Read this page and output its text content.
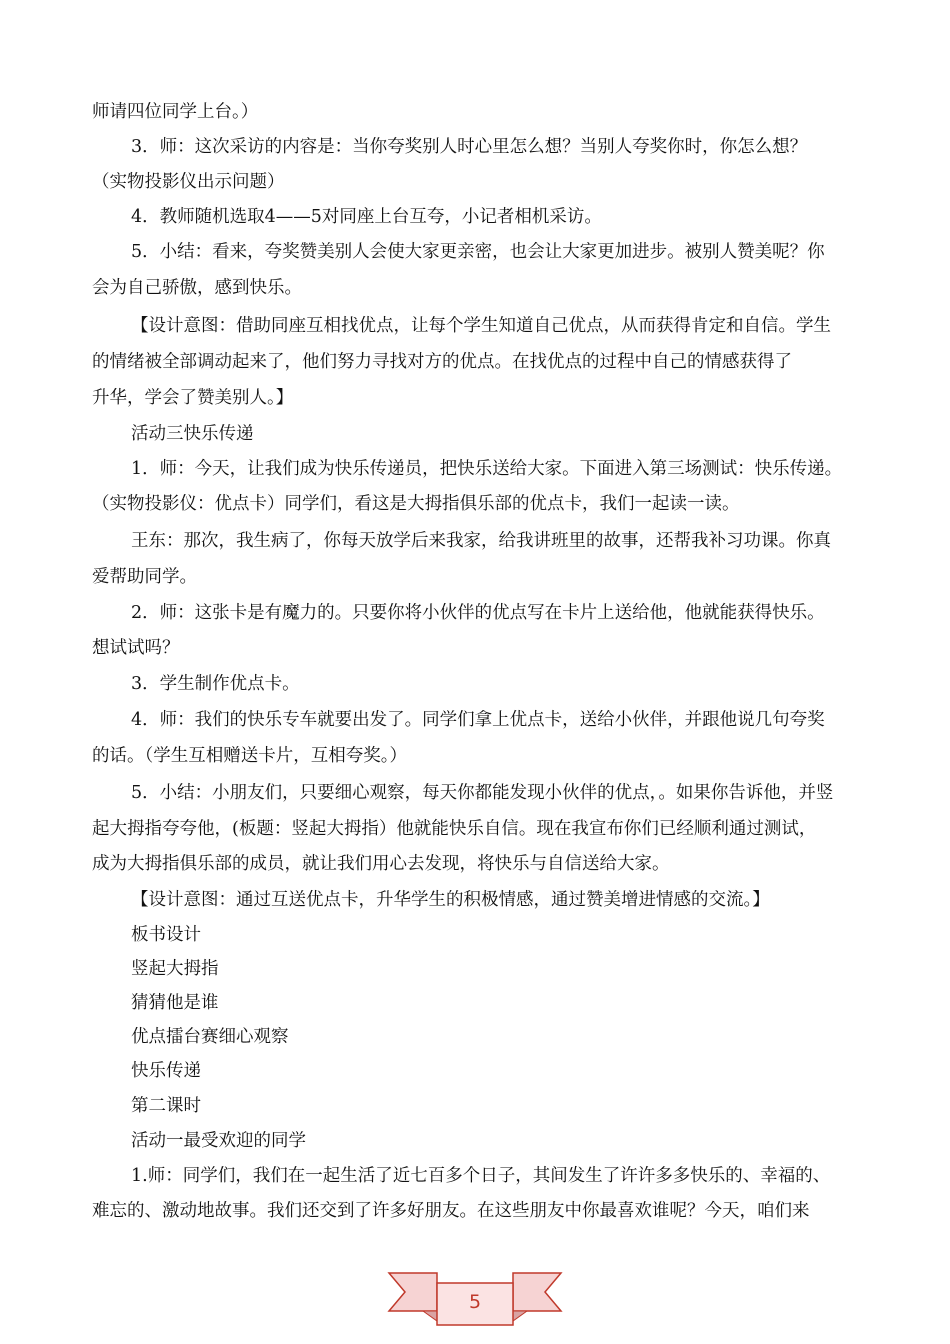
师请四位同学上台。）
3．师：这次采访的内容是：当你夸奖别人时心里怎么想？当别人夸奖你时，你怎么想？
（实物投影仪出示问题）
4．教师随机选取4——5对同座上台互夸，小记者相机采访。
5．小结：看来，夸奖赞美别人会使大家更亲密，也会让大家更加进步。被别人赞美呢？你
会为自己骄傲，感到快乐。
【设计意图：借助同座互相找优点，让每个学生知道自己优点，从而获得肯定和自信。学生
的情绪被全部调动起来了，他们努力寻找对方的优点。在找优点的过程中自己的情感获得了
升华，学会了赞美别人。】
活动三快乐传递
1．师：今天，让我们成为快乐传递员，把快乐送给大家。下面进入第三场测试：快乐传递。
（实物投影仪：优点卡）同学们，看这是大拇指俱乐部的优点卡，我们一起读一读。
王东：那次，我生病了，你每天放学后来我家，给我讲班里的故事，还帮我补习功课。你真
爱帮助同学。
2．师：这张卡是有魔力的。只要你将小伙伴的优点写在卡片上送给他，他就能获得快乐。
想试试吗？
3．学生制作优点卡。
4．师：我们的快乐专车就要出发了。同学们拿上优点卡，送给小伙伴，并跟他说几句夸奖
的话。（学生互相赠送卡片，互相夸奖。）
5．小结：小朋友们，只要细心观察，每天你都能发现小伙伴的优点，。如果你告诉他，并竖
起大拇指夸夸他，(板题：竖起大拇指）他就能快乐自信。现在我宣布你们已经顺利通过测试，
成为大拇指俱乐部的成员，就让我们用心去发现，将快乐与自信送给大家。
【设计意图：通过互送优点卡，升华学生的积极情感，通过赞美增进情感的交流。】
板书设计
竖起大拇指
猜猜他是谁
优点擂台赛细心观察
快乐传递
第二课时
活动一最受欢迎的同学
1.师：同学们，我们在一起生活了近七百多个日子，其间发生了许许多多快乐的、幸福的、
难忘的、激动地故事。我们还交到了许多好朋友。在这些朋友中你最喜欢谁呢？今天，咱们来
5
